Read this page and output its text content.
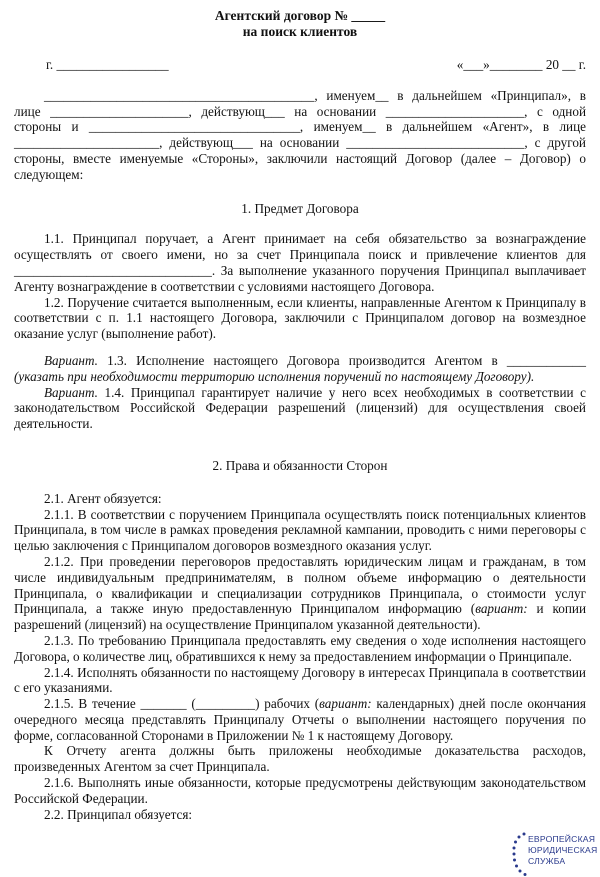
Агентский договор № _____
на поиск клиентов
г. _________________	«___»________ 20 __ г.

_________________________________________, именуем__ в дальнейшем «Принципал», в лице _____________________, действующ___ на основании _____________________, с одной стороны и ________________________________, именуем__ в дальнейшем «Агент», в лице ______________________, действующ___ на основании ___________________________, с другой стороны, вместе именуемые «Стороны», заключили настоящий Договор (далее – Договор) о следующем:

1. Предмет Договора

1.1. Принципал поручает, а Агент принимает на себя обязательство за вознаграждение осуществлять от своего имени, но за счет Принципала поиск и привлечение клиентов для ______________________________. За выполнение указанного поручения Принципал выплачивает Агенту вознаграждение в соответствии с условиями настоящего Договора.

1.2. Поручение считается выполненным, если клиенты, направленные Агентом к Принципалу в соответствии с п. 1.1 настоящего Договора, заключили с Принципалом договор на возмездное оказание услуг (выполнение работ).

Вариант. 1.3. Исполнение настоящего Договора производится Агентом в ____________ (указать при необходимости территорию исполнения поручений по настоящему Договору).

Вариант. 1.4. Принципал гарантирует наличие у него всех необходимых в соответствии с законодательством Российской Федерации разрешений (лицензий) для осуществления своей деятельности.

2. Права и обязанности Сторон

2.1. Агент обязуется:

2.1.1. В соответствии с поручением Принципала осуществлять поиск потенциальных клиентов Принципала, в том числе в рамках проведения рекламной кампании, проводить с ними переговоры с целью заключения с Принципалом договоров возмездного оказания услуг.

2.1.2. При проведении переговоров предоставлять юридическим лицам и гражданам, в том числе индивидуальным предпринимателям, в полном объеме информацию о деятельности Принципала, о квалификации и специализации сотрудников Принципала, о стоимости услуг Принципала, а также иную предоставленную Принципалом информацию (вариант: и копии разрешений (лицензий) на осуществление Принципалом указанной деятельности).

2.1.3. По требованию Принципала предоставлять ему сведения о ходе исполнения настоящего Договора, о количестве лиц, обратившихся к нему за предоставлением информации о Принципале.

2.1.4. Исполнять обязанности по настоящему Договору в интересах Принципала в соответствии с его указаниями.

2.1.5. В течение _______ (_________) рабочих (вариант: календарных) дней после окончания очередного месяца представлять Принципалу Отчеты о выполнении настоящего поручения по форме, согласованной Сторонами в Приложении № 1 к настоящему Договору.

К Отчету агента должны быть приложены необходимые доказательства расходов, произведенных Агентом за счет Принципала.

2.1.6. Выполнять иные обязанности, которые предусмотрены действующим законодательством Российской Федерации.

2.2. Принципал обязуется:

ЕВРОПЕЙСКАЯ
ЮРИДИЧЕСКАЯ
СЛУЖБА
